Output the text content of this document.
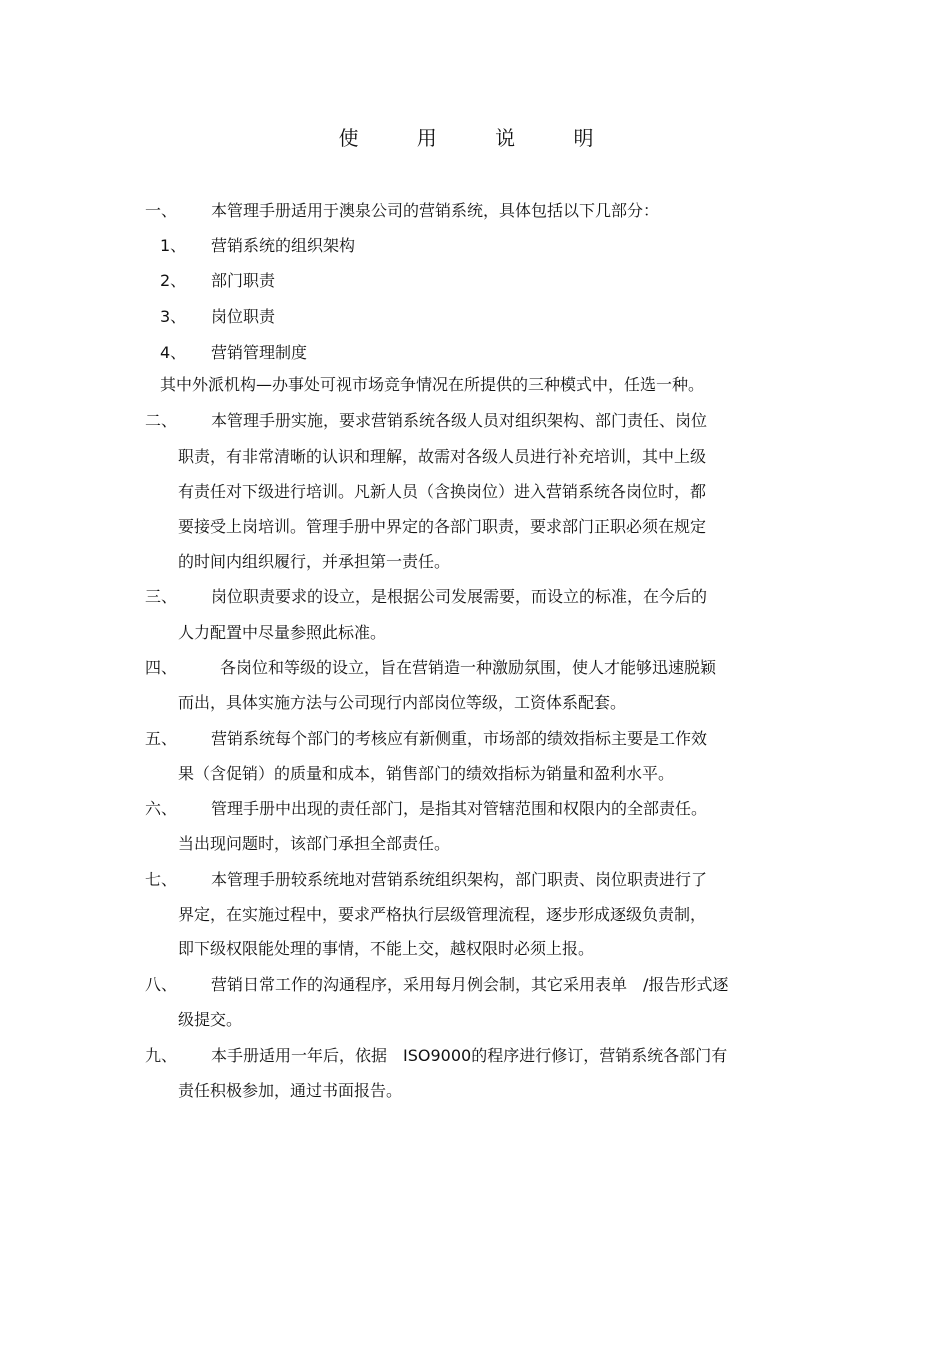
使 用 说 明
一、 本管理手册适用于澳泉公司的营销系统，具体包括以下几部分：
1、 营销系统的组织架构
2、 部门职责
3、 岗位职责
4、 营销管理制度
其中外派机构—办事处可视市场竞争情况在所提供的三种模式中，任选一种。
二、 本管理手册实施，要求营销系统各级人员对组织架构、部门责任、岗位
职责，有非常清晰的认识和理解，故需对各级人员进行补充培训，其中上级
有责任对下级进行培训。凡新人员（含换岗位）进入营销系统各岗位时，都
要接受上岗培训。管理手册中界定的各部门职责，要求部门正职必须在规定
的时间内组织履行，并承担第一责任。
三、 岗位职责要求的设立，是根据公司发展需要，而设立的标准，在今后的
人力配置中尽量参照此标准。
四、	各岗位和等级的设立，旨在营销造一种激励氛围，使人才能够迅速脱颖
而出，具体实施方法与公司现行内部岗位等级，工资体系配套。
五、 营销系统每个部门的考核应有新侧重，市场部的绩效指标主要是工作效
果（含促销）的质量和成本，销售部门的绩效指标为销量和盈利水平。
六、 管理手册中出现的责任部门，是指其对管辖范围和权限内的全部责任。
当出现问题时，该部门承担全部责任。
七、 本管理手册较系统地对营销系统组织架构，部门职责、岗位职责进行了
界定，在实施过程中，要求严格执行层级管理流程，逐步形成逐级负责制，
即下级权限能处理的事情，不能上交，越权限时必须上报。
八、 营销日常工作的沟通程序，采用每月例会制，其它采用表单　/报告形式逐
级提交。
九、 本手册适用一年后，依据　ISO9000的程序进行修订，营销系统各部门有
责任积极参加，通过书面报告。
